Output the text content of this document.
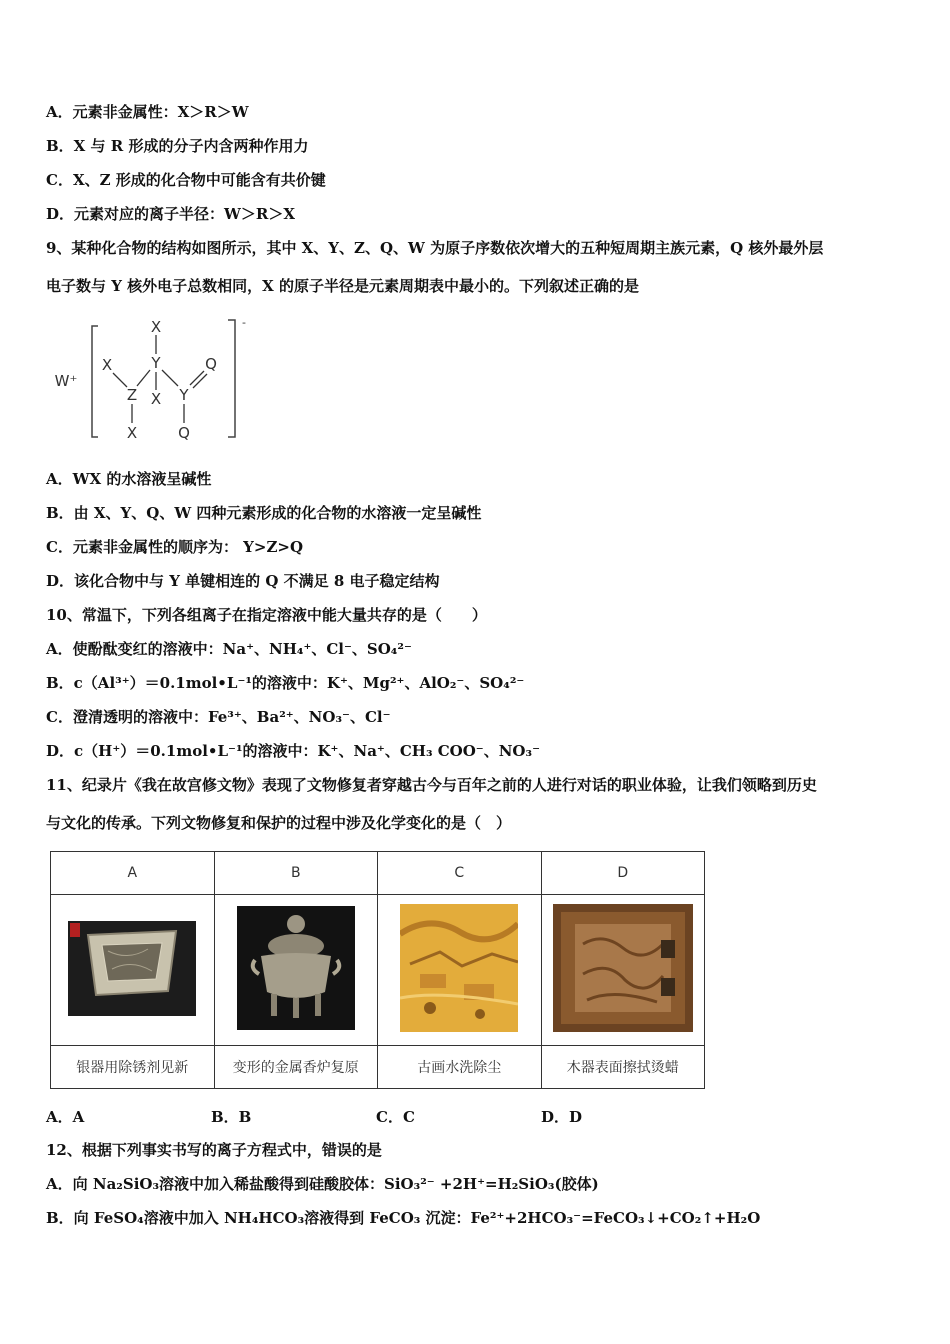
A．元素非金属性：X＞R＞W
B．X 与 R 形成的分子内含两种作用力
C．X、Z 形成的化合物中可能含有共价键
D．元素对应的离子半径：W＞R＞X
9、某种化合物的结构如图所示，其中 X、Y、Z、Q、W 为原子序数依次增大的五种短周期主族元素，Q 核外最外层
电子数与 Y 核外电子总数相同，X 的原子半径是元素周期表中最小的。下列叙述正确的是
W⁺
-
X
Y
X
Z X Y
Q
X	Q
A．WX 的水溶液呈碱性
B．由 X、Y、Q、W 四种元素形成的化合物的水溶液一定呈碱性
C．元素非金属性的顺序为： Y>Z>Q
D．该化合物中与 Y 单键相连的 Q 不满足 8 电子稳定结构
10、常温下，下列各组离子在指定溶液中能大量共存的是（　　）
A．使酚酞变红的溶液中：Na⁺、NH₄⁺、Cl⁻、SO₄²⁻
B．c（Al³⁺）＝0.1mol•L⁻¹的溶液中：K⁺、Mg²⁺、AlO₂⁻、SO₄²⁻
C．澄清透明的溶液中：Fe³⁺、Ba²⁺、NO₃⁻、Cl⁻
D．c（H⁺）＝0.1mol•L⁻¹的溶液中：K⁺、Na⁺、CH₃ COO⁻、NO₃⁻
11、纪录片《我在故宫修文物》表现了文物修复者穿越古今与百年之前的人进行对话的职业体验，让我们领略到历史
与文化的传承。下列文物修复和保护的过程中涉及化学变化的是（　）
A	B	C	D

银器用除锈剂见新	变形的金属香炉复原	古画水洗除尘	木器表面擦拭烫蜡
A．A	B．B	C．C	D．D
12、根据下列事实书写的离子方程式中，错误的是
A．向 Na₂SiO₃溶液中加入稀盐酸得到硅酸胶体：SiO₃²⁻ +2H⁺=H₂SiO₃(胶体)
B．向 FeSO₄溶液中加入 NH₄HCO₃溶液得到 FeCO₃ 沉淀：Fe²⁺+2HCO₃⁻=FeCO₃↓+CO₂↑+H₂O
